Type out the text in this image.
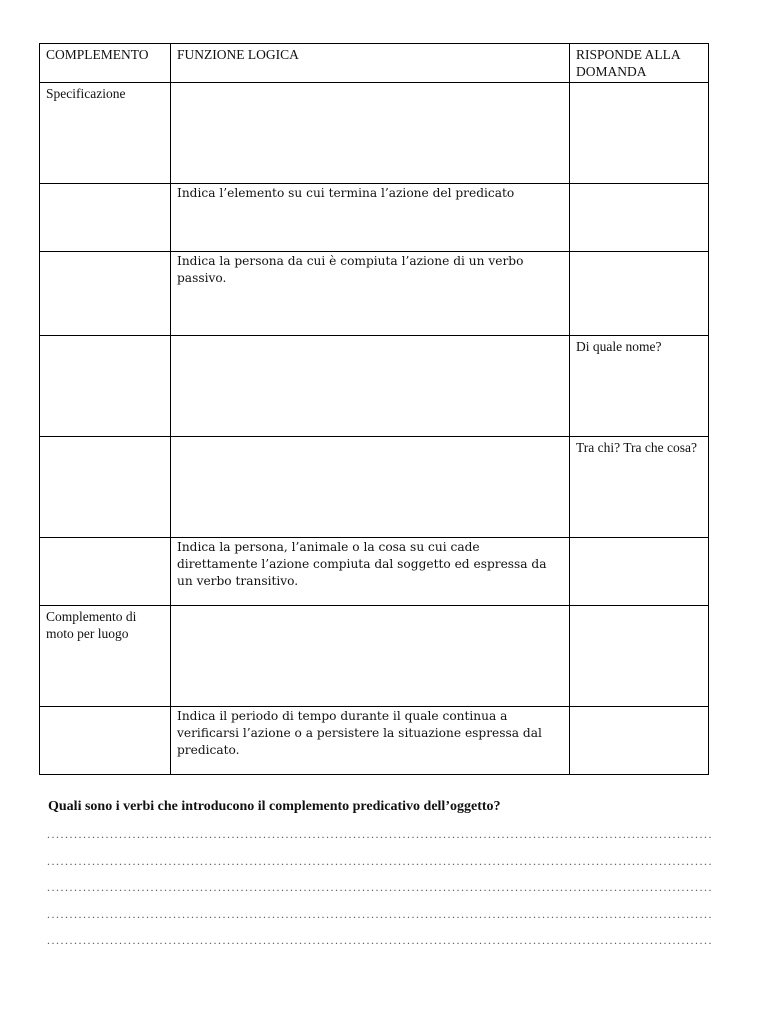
COMPLEMENTO	FUNZIONE LOGICA	RISPONDE ALLA DOMANDA
Specificazione		
	Indica l’elemento su cui termina l’azione del predicato	
	Indica la persona da cui è compiuta l’azione di un verbo passivo.	
		Di quale nome?
		Tra chi? Tra che cosa?
	Indica la persona, l’animale o la cosa su cui cade direttamente l’azione compiuta dal soggetto ed espressa da un verbo transitivo.	
Complemento di moto per luogo		
	Indica il periodo di tempo durante il quale continua a verificarsi l’azione o a persistere la situazione espressa dal predicato.	

Quali sono i verbi che introducono il complemento predicativo dell’oggetto?

.....
.....
.....
.....
.....
